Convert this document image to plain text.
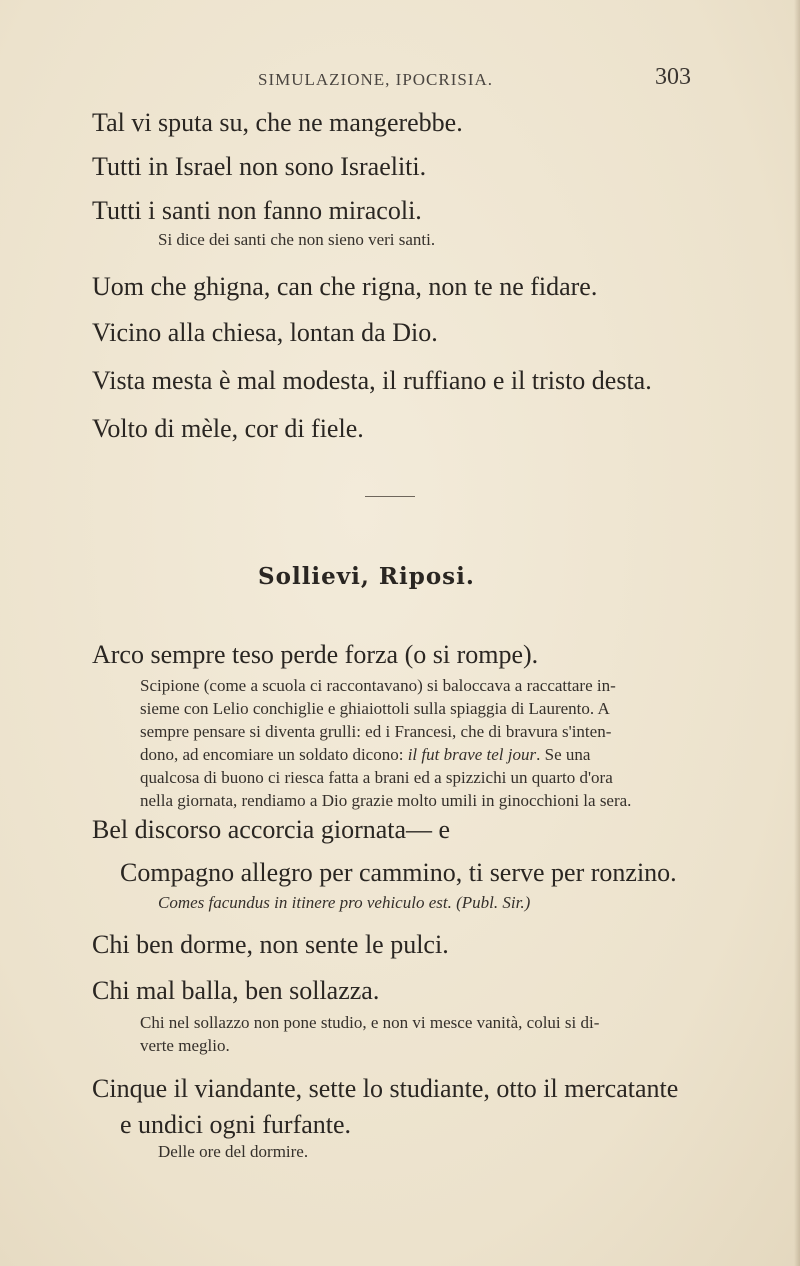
SIMULAZIONE, IPOCRISIA.	303
Tal vi sputa su, che ne mangerebbe.
Tutti in Israel non sono Israeliti.
Tutti i santi non fanno miracoli.
Si dice dei santi che non sieno veri santi.
Uom che ghigna, can che rigna, non te ne fidare.
Vicino alla chiesa, lontan da Dio.
Vista mesta è mal modesta, il ruffiano e il tristo desta.
Volto di mèle, cor di fiele.
Sollievi, Riposi.
Arco sempre teso perde forza (o si rompe).
Scipione (come a scuola ci raccontavano) si baloccava a raccattare in-
sieme con Lelio conchiglie e ghiaiottoli sulla spiaggia di Laurento. A
sempre pensare si diventa grulli: ed i Francesi, che di bravura s'inten-
dono, ad encomiare un soldato dicono: il fut brave tel jour. Se una
qualcosa di buono ci riesca fatta a brani ed a spizzichi un quarto d'ora
nella giornata, rendiamo a Dio grazie molto umili in ginocchioni la sera.
Bel discorso accorcia giornata— e
Compagno allegro per cammino, ti serve per ronzino.
Comes facundus in itinere pro vehiculo est. (Publ. Sir.)
Chi ben dorme, non sente le pulci.
Chi mal balla, ben sollazza.
Chi nel sollazzo non pone studio, e non vi mesce vanità, colui si di-
verte meglio.
Cinque il viandante, sette lo studiante, otto il mercatante
e undici ogni furfante.
Delle ore del dormire.
